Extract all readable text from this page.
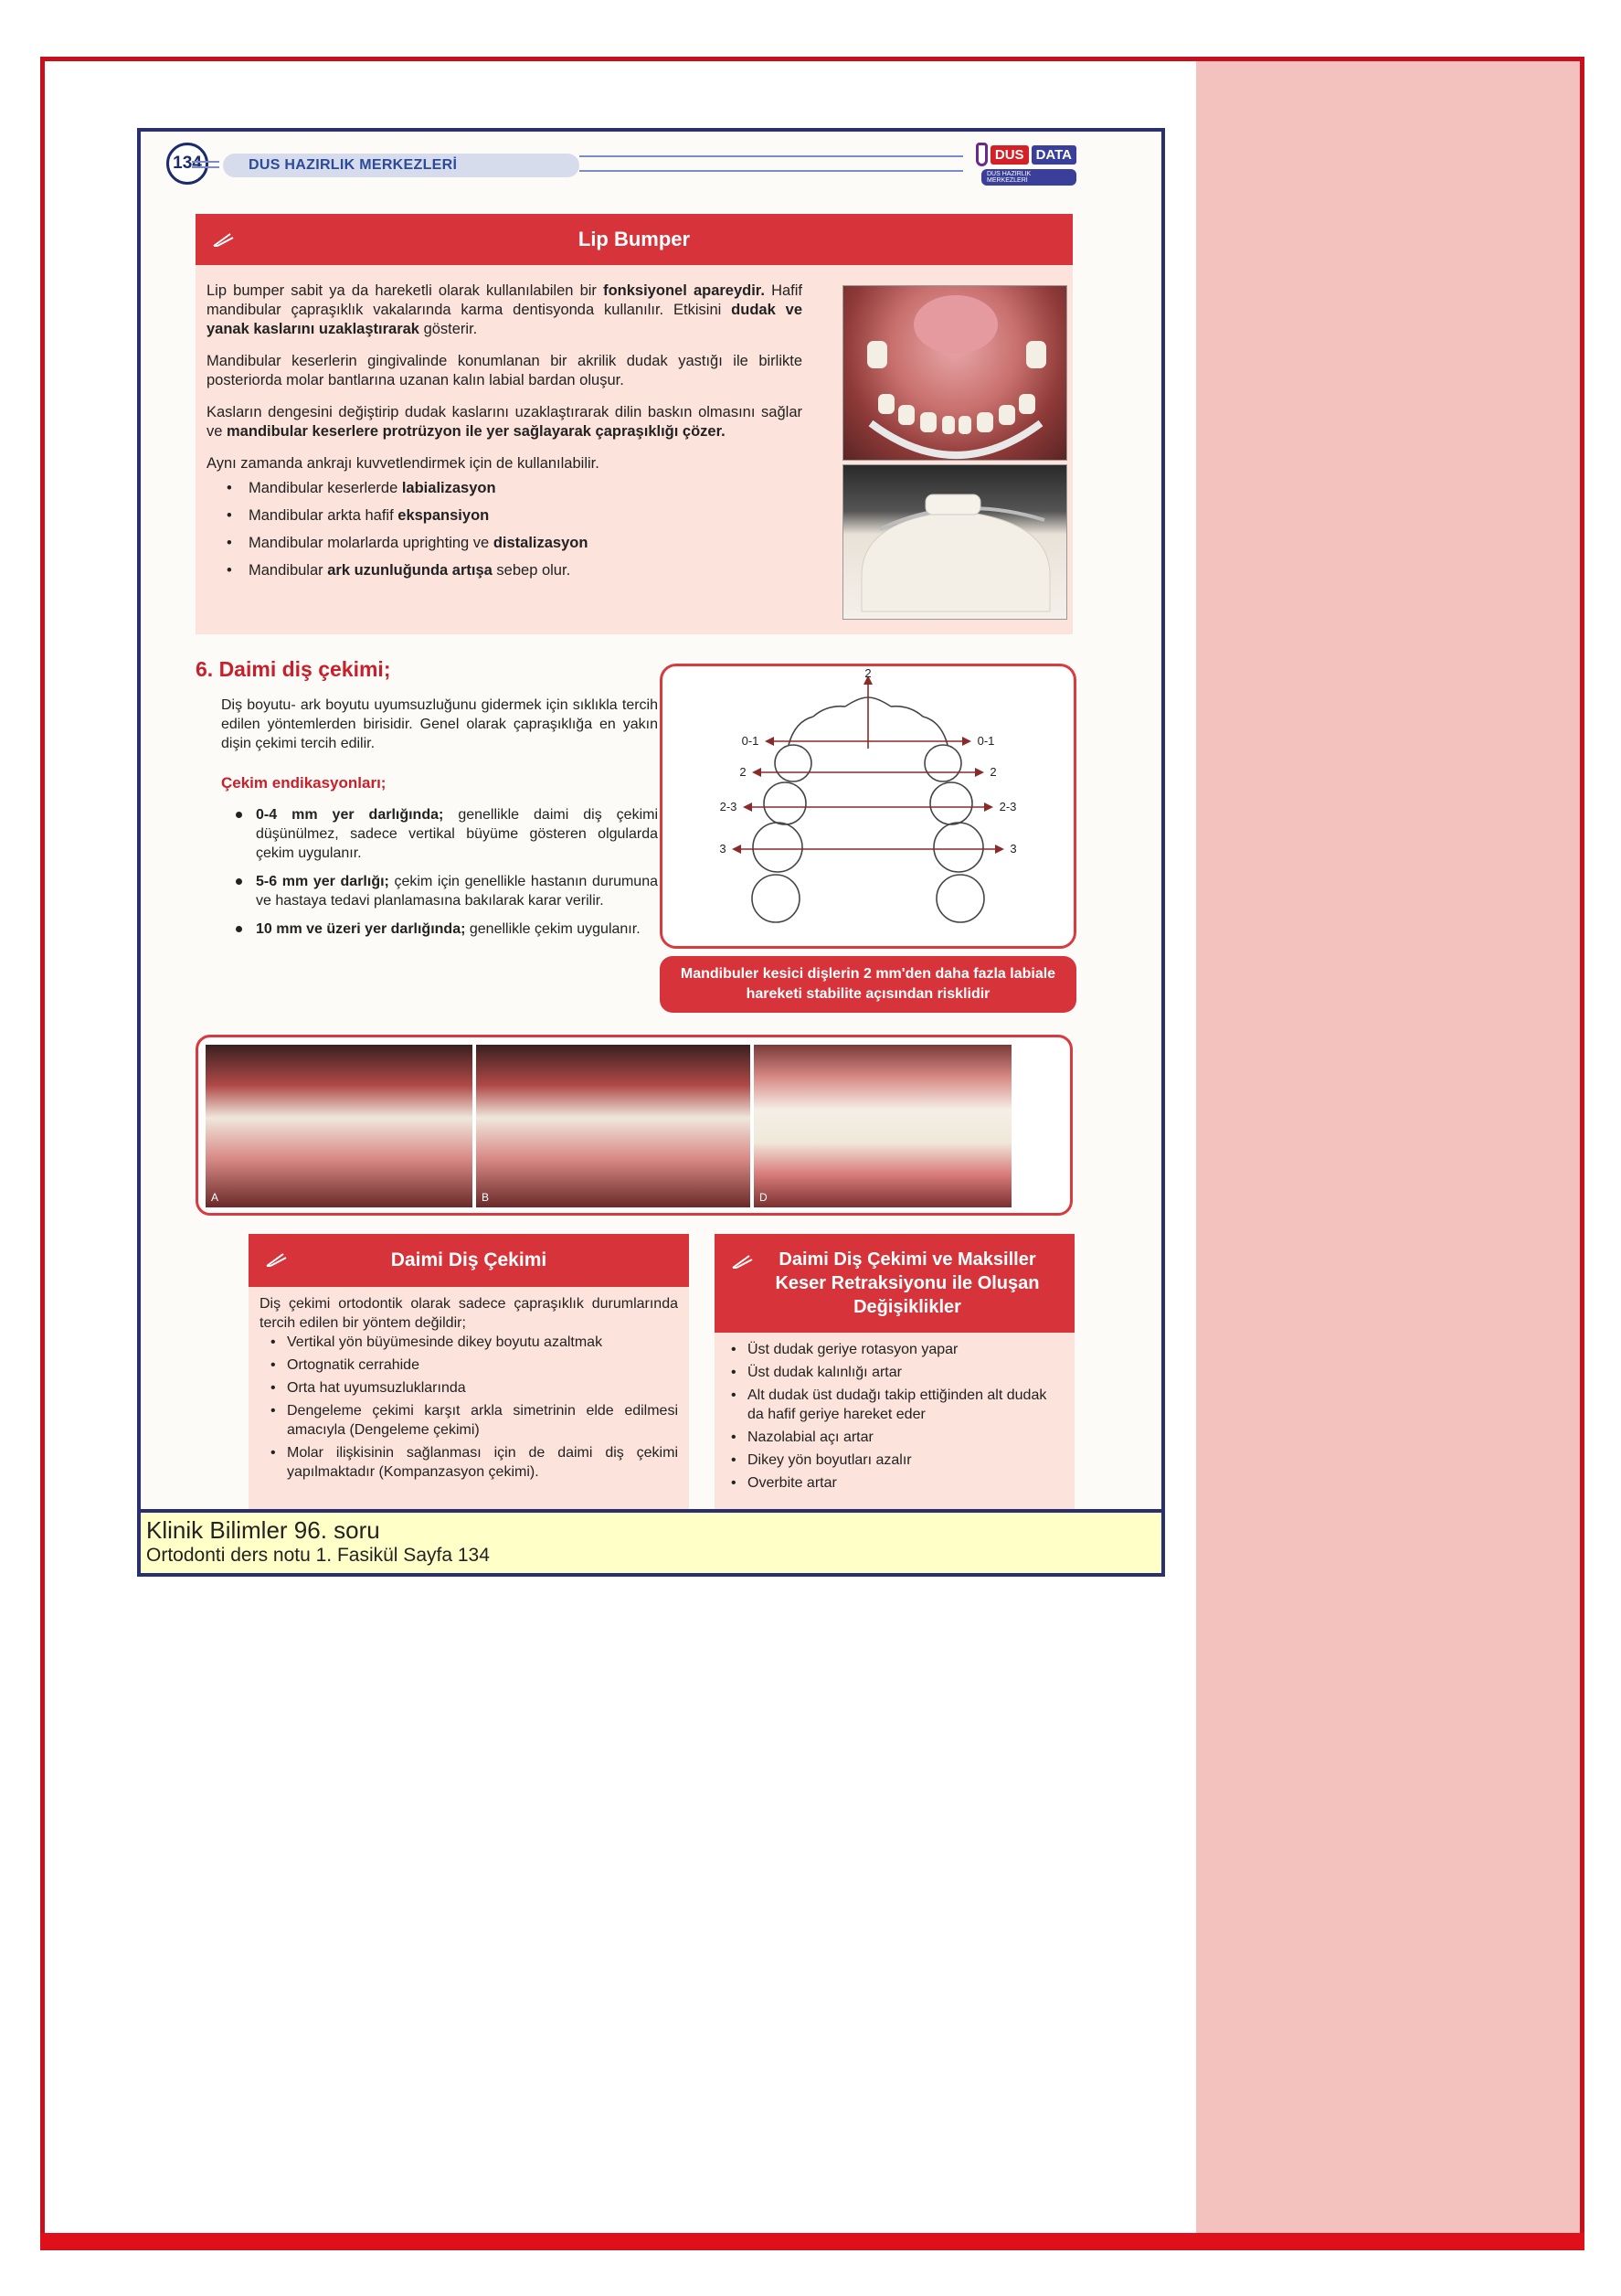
134	DUS HAZIRLIK MERKEZLERİ
DUS DATA
DUS HAZIRLIK MERKEZLERİ
Lip Bumper

Lip bumper sabit ya da hareketli olarak kullanılabilen bir fonksiyonel apareydir. Hafif mandibular çapraşıklık vakalarında karma dentisyonda kullanılır. Etkisini dudak ve yanak kaslarını uzaklaştırarak gösterir.

Mandibular keserlerin gingivalinde konumlanan bir akrilik dudak yastığı ile birlikte posteriorda molar bantlarına uzanan kalın labial bardan oluşur.

Kasların dengesini değiştirip dudak kaslarını uzaklaştırarak dilin baskın olmasını sağlar ve mandibular keserlere protrüzyon ile yer sağlayarak çapraşıklığı çözer.

Aynı zamanda ankrajı kuvvetlendirmek için de kullanılabilir.

• Mandibular keserlerde labializasyon
• Mandibular arkta hafif ekspansiyon
• Mandibular molarlarda uprighting ve distalizasyon
• Mandibular ark uzunluğunda artışa sebep olur.
6. Daimi diş çekimi;
Diş boyutu- ark boyutu uyumsuzluğunu gidermek için sıklıkla tercih edilen yöntemlerden birisidir. Genel olarak çapraşıklığa en yakın dişin çekimi tercih edilir.
Çekim endikasyonları;
0-4 mm yer darlığında; genellikle daimi diş çekimi düşünülmez, sadece vertikal büyüme gösteren olgularda çekim uygulanır.
5-6 mm yer darlığı; çekim için genellikle hastanın durumuna ve hastaya tedavi planlamasına bakılarak karar verilir.
10 mm ve üzeri yer darlığında; genellikle çekim uygulanır.
2
0-1	0-1
2	2
2-3	2-3
3	3
Mandibuler kesici dişlerin 2 mm'den daha fazla labiale hareketi stabilite açısından risklidir
A	B	D
Daimi Diş Çekimi
Diş çekimi ortodontik olarak sadece çapraşıklık durumlarında tercih edilen bir yöntem değildir;
• Vertikal yön büyümesinde dikey boyutu azaltmak
• Ortognatik cerrahide
• Orta hat uyumsuzluklarında
• Dengeleme çekimi karşıt arkla simetrinin elde edilmesi amacıyla (Dengeleme çekimi)
• Molar ilişkisinin sağlanması için de daimi diş çekimi yapılmaktadır (Kompanzasyon çekimi).
Daimi Diş Çekimi ve Maksiller Keser Retraksiyonu ile Oluşan Değişiklikler
• Üst dudak geriye rotasyon yapar
• Üst dudak kalınlığı artar
• Alt dudak üst dudağı takip ettiğinden alt dudak da hafif geriye hareket eder
• Nazolabial açı artar
• Dikey yön boyutları azalır
• Overbite artar
Klinik Bilimler 96. soru
Ortodonti ders notu 1. Fasikül Sayfa 134
